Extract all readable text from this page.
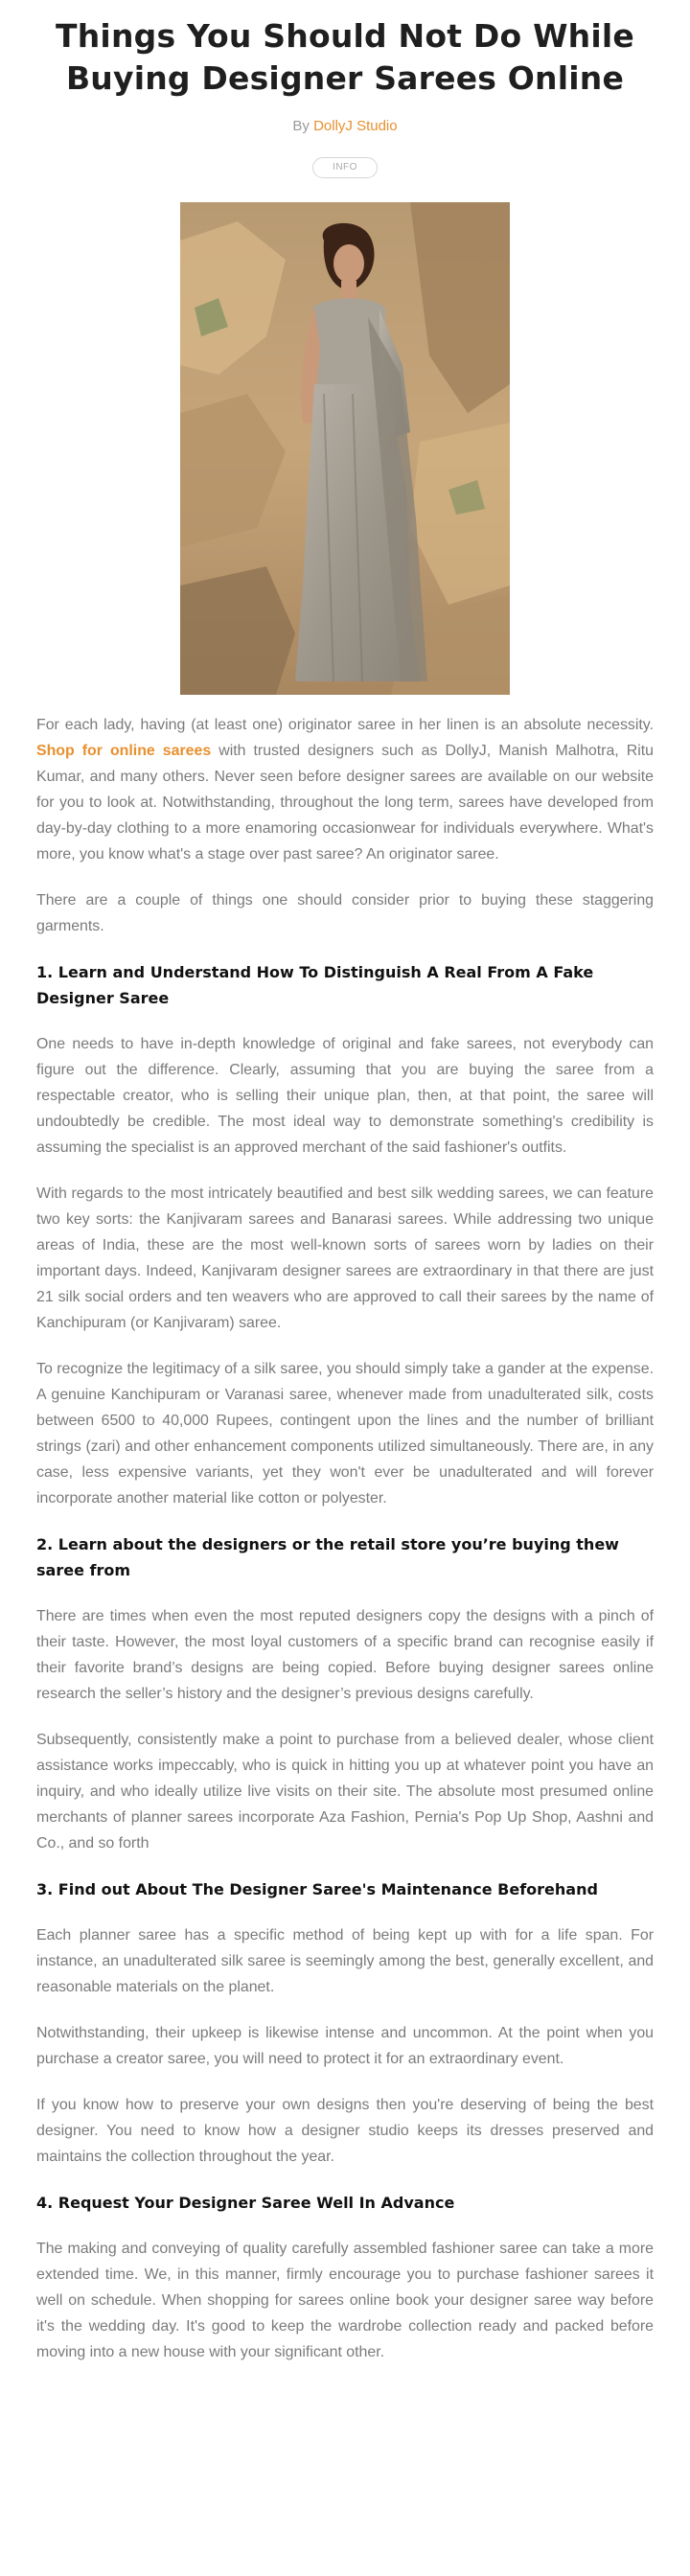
Things You Should Not Do While Buying Designer Sarees Online
By DollyJ Studio
INFO

For each lady, having (at least one) originator saree in her linen is an absolute necessity. Shop for online sarees with trusted designers such as DollyJ, Manish Malhotra, Ritu Kumar, and many others. Never seen before designer sarees are available on our website for you to look at. Notwithstanding, throughout the long term, sarees have developed from day-by-day clothing to a more enamoring occasionwear for individuals everywhere. What's more, you know what's a stage over past saree? An originator saree.

There are a couple of things one should consider prior to buying these staggering garments.

1. Learn and Understand How To Distinguish A Real From A Fake Designer Saree

One needs to have in-depth knowledge of original and fake sarees, not everybody can figure out the difference. Clearly, assuming that you are buying the saree from a respectable creator, who is selling their unique plan, then, at that point, the saree will undoubtedly be credible. The most ideal way to demonstrate something's credibility is assuming the specialist is an approved merchant of the said fashioner's outfits.

With regards to the most intricately beautified and best silk wedding sarees, we can feature two key sorts: the Kanjivaram sarees and Banarasi sarees. While addressing two unique areas of India, these are the most well-known sorts of sarees worn by ladies on their important days. Indeed, Kanjivaram designer sarees are extraordinary in that there are just 21 silk social orders and ten weavers who are approved to call their sarees by the name of Kanchipuram (or Kanjivaram) saree.

To recognize the legitimacy of a silk saree, you should simply take a gander at the expense. A genuine Kanchipuram or Varanasi saree, whenever made from unadulterated silk, costs between 6500 to 40,000 Rupees, contingent upon the lines and the number of brilliant strings (zari) and other enhancement components utilized simultaneously. There are, in any case, less expensive variants, yet they won't ever be unadulterated and will forever incorporate another material like cotton or polyester.

2. Learn about the designers or the retail store you’re buying thew saree from

There are times when even the most reputed designers copy the designs with a pinch of their taste. However, the most loyal customers of a specific brand can recognise easily if their favorite brand’s designs are being copied. Before buying designer sarees online research the seller’s history and the designer’s previous designs carefully.

Subsequently, consistently make a point to purchase from a believed dealer, whose client assistance works impeccably, who is quick in hitting you up at whatever point you have an inquiry, and who ideally utilize live visits on their site. The absolute most presumed online merchants of planner sarees incorporate Aza Fashion, Pernia's Pop Up Shop, Aashni and Co., and so forth

3. Find out About The Designer Saree's Maintenance Beforehand

Each planner saree has a specific method of being kept up with for a life span. For instance, an unadulterated silk saree is seemingly among the best, generally excellent, and reasonable materials on the planet.

Notwithstanding, their upkeep is likewise intense and uncommon. At the point when you purchase a creator saree, you will need to protect it for an extraordinary event.

If you know how to preserve your own designs then you're deserving of being the best designer. You need to know how a designer studio keeps its dresses preserved and maintains the collection throughout the year.

4. Request Your Designer Saree Well In Advance

The making and conveying of quality carefully assembled fashioner saree can take a more extended time. We, in this manner, firmly encourage you to purchase fashioner sarees it well on schedule. When shopping for sarees online book your designer saree way before it's the wedding day. It's good to keep the wardrobe collection ready and packed before moving into a new house with your significant other.
